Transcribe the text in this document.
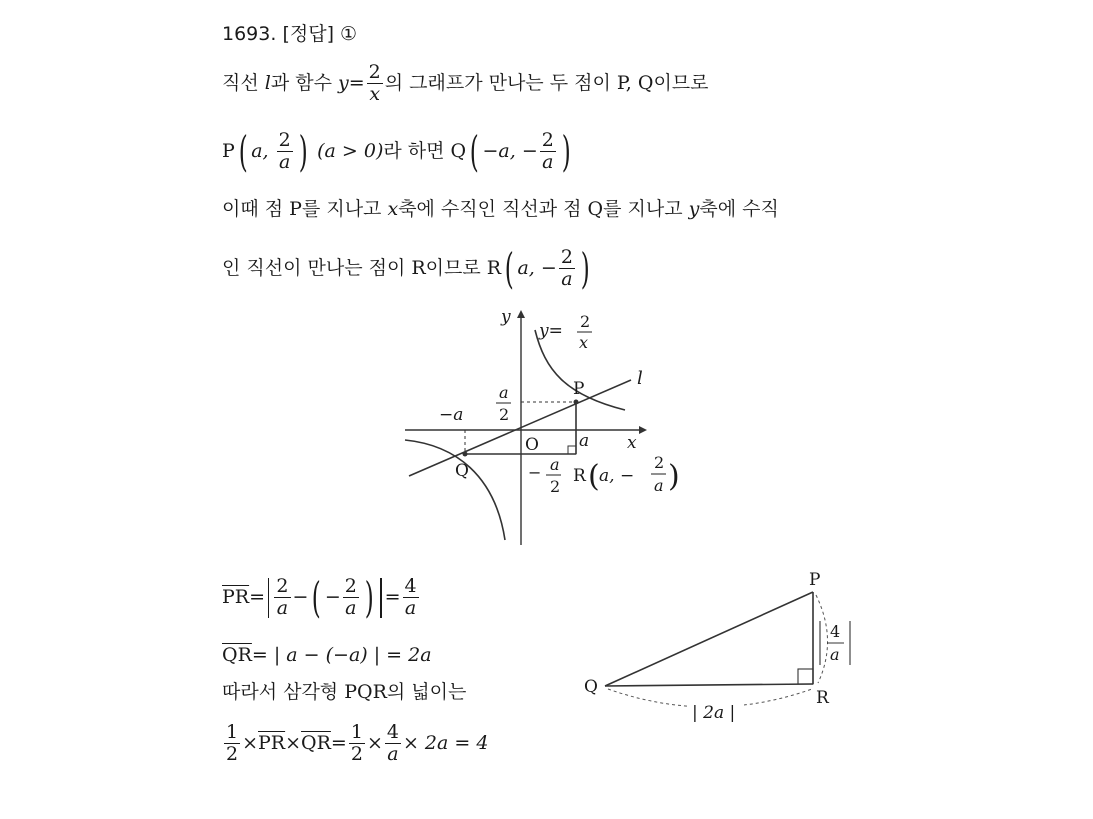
1693. [정답] ①
직선 l과 함수 $y= \frac{2}{x}$ 의 그래프가 만나는 두 점이 P, Q이므로
P( a, $\frac{2}{a}$ ) (a > 0)라 하면 Q( −a, − $\frac{2}{a}$ )
이때 점 P를 지나고 x축에 수직인 직선과 점 Q를 지나고 y축에 수직
인 직선이 만나는 점이 R이므로 R( a, − $\frac{2}{a}$ )
y
x
l
P
Q
O a
−a
a
2
− a
2
y= 2
x
R ( a, −
2
a )
$\overline{PR}= \frac{2}{a}$ −( − $\frac{2}{a}$ ) = $\frac{4}{a}$
$\overline{QR}=$ | a − (−a) | = 2a
따라서 삼각형 PQR의 넓이는
$\frac{1}{2} \times\overline{PR}\times\overline{QR}= \frac{1}{2} \times \frac{4}{a} \times 2a = 4$
P
Q
R
4
a
| 2a |
